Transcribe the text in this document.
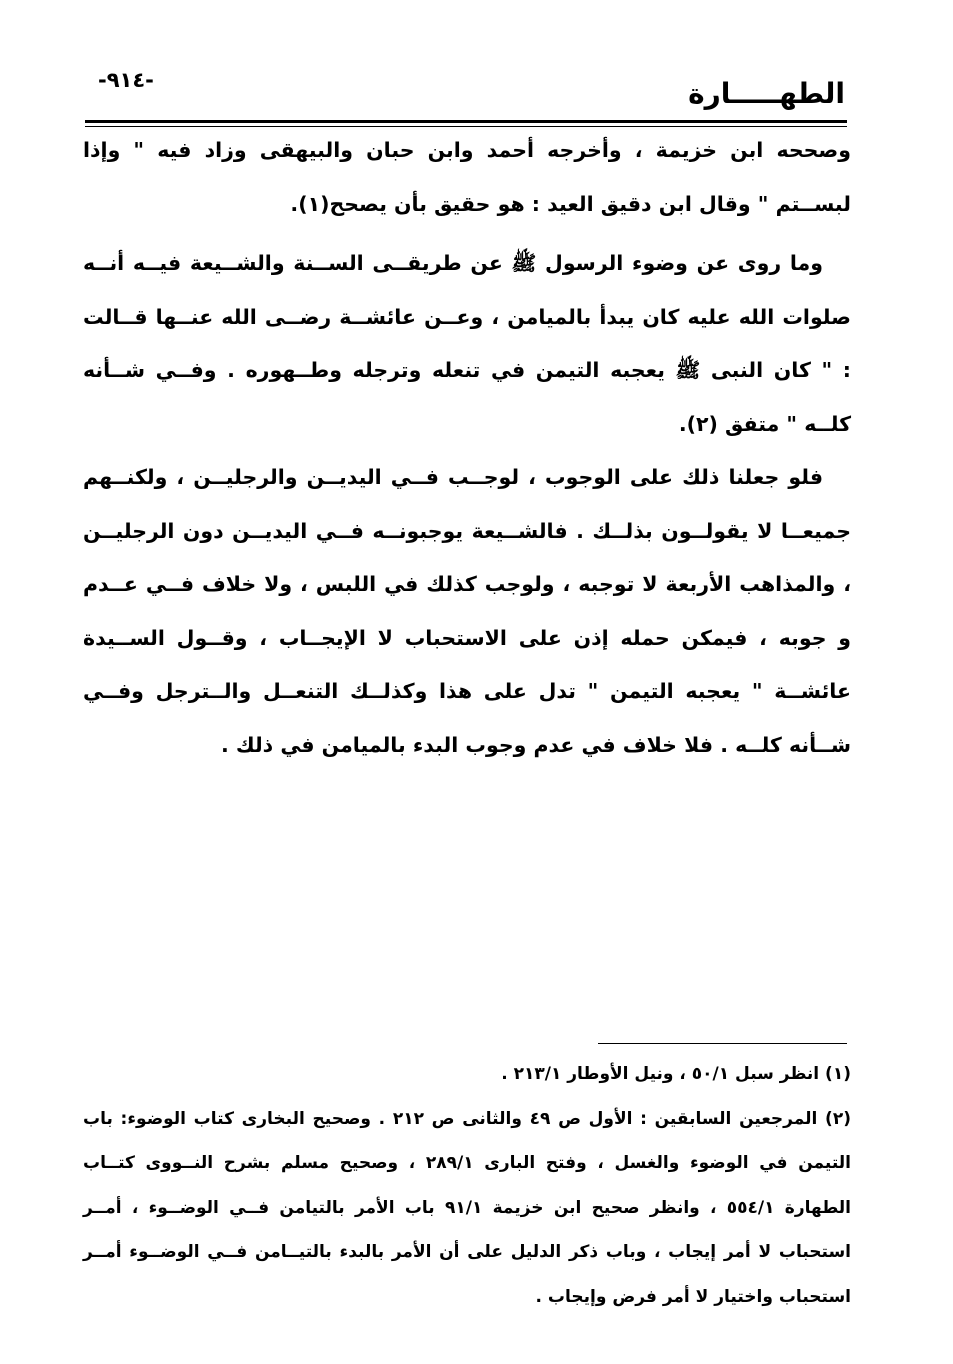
-٩١٤-	الطهـــــارة

وصححه ابن خزيمة ، وأخرجه أحمد وابن حبان والبيهقى وزاد فيه " وإذا لبســتم " وقال ابن دقيق العيد : هو حقيق بأن يصحح(١).

وما روى عن وضوء الرسول ﷺ عن طريقــى الســنة والشــيعة فيــه أنــه صلوات الله عليه كان يبدأ بالميامن ، وعــن عائشــة رضــى الله عنــها قــالت : " كان النبى ﷺ يعجبه التيمن في تنعله وترجله وطــهوره . وفــي شــأنه كلــه " متفق (٢).

فلو جعلنا ذلك على الوجوب ، لوجــب فــي اليديــن والرجليــن ، ولكنــهم جميعــا لا يقولــون بذلــك . فالشــيعة يوجبونــه فــي اليديــن دون الرجليــن ، والمذاهب الأربعة لا توجبه ، ولوجب كذلك في اللبس ، ولا خلاف فــي عــدم و جوبه ، فيمكن حمله إذن على الاستحباب لا الإيجــاب ، وقــول الســيدة عائشــة " يعجبه التيمن " تدل على هذا وكذلــك التنعــل والــترجل وفــي شــأنه كلــه . فلا خلاف في عدم وجوب البدء بالميامن في ذلك .

(١) انظر سبل ٥٠/١ ، ونيل الأوطار ٢١٣/١ .

(٢) المرجعين السابقين : الأول ص ٤٩ والثانى ص ٢١٢ . وصحيح البخارى كتاب الوضوء: باب التيمن في الوضوء والغسل ، وفتح البارى ٢٨٩/١ ، وصحيح مسلم بشرح النــووى كتــاب الطهارة ٥٥٤/١ ، وانظر صحيح ابن خزيمة ٩١/١ باب الأمر بالتيامن فــي الوضــوء ، أمــر استحباب لا أمر إيجاب ، وباب ذكر الدليل على أن الأمر بالبدء بالتيــامن فــي الوضــوء أمــر استحباب واختيار لا أمر فرض وإيجاب .
